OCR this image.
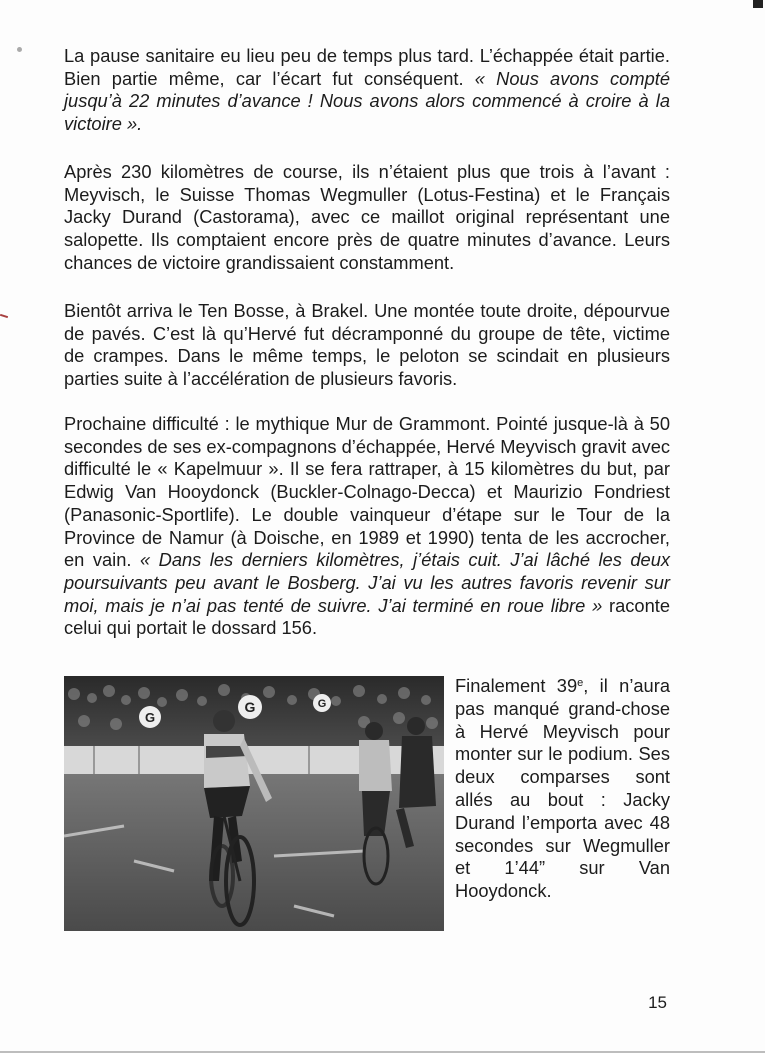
La pause sanitaire eu lieu peu de temps plus tard. L’échappée était partie. Bien partie même, car l’écart fut conséquent. « Nous avons compté jusqu’à 22 minutes d’avance ! Nous avons alors commencé à croire à la victoire ».

Après 230 kilomètres de course, ils n’étaient plus que trois à l’avant : Meyvisch, le Suisse Thomas Wegmuller (Lotus-Festina) et le Français Jacky Durand (Castorama), avec ce maillot original représentant une salopette. Ils comptaient encore près de quatre minutes d’avance. Leurs chances de victoire grandissaient constamment.

Bientôt arriva le Ten Bosse, à Brakel. Une montée toute droite, dépourvue de pavés. C’est là qu’Hervé fut décramponné du groupe de tête, victime de crampes. Dans le même temps, le peloton se scindait en plusieurs parties suite à l’accélération de plusieurs favoris.

Prochaine difficulté : le mythique Mur de Grammont. Pointé jusque-là à 50 secondes de ses ex-compagnons d’échappée, Hervé Meyvisch gravit avec difficulté le « Kapelmuur ». Il se fera rattraper, à 15 kilomètres du but, par Edwig Van Hooydonck (Buckler-Colnago-Decca) et Maurizio Fondriest (Panasonic-Sportlife). Le double vainqueur d’étape sur le Tour de la Province de Namur (à Doische, en 1989 et 1990) tenta de les accrocher, en vain. « Dans les derniers kilomètres, j’étais cuit. J’ai lâché les deux poursuivants peu avant le Bosberg. J’ai vu les autres favoris revenir sur moi, mais je n’ai pas tenté de suivre. J’ai terminé en roue libre » raconte celui qui portait le dossard 156.

G
G	G

Finalement 39e, il n’aura pas manqué grand-chose à Hervé Meyvisch pour monter sur le podium. Ses deux comparses sont allés au bout : Jacky Durand l’emporta avec 48 secondes sur Wegmuller et 1’44” sur Van Hooydonck.

15
